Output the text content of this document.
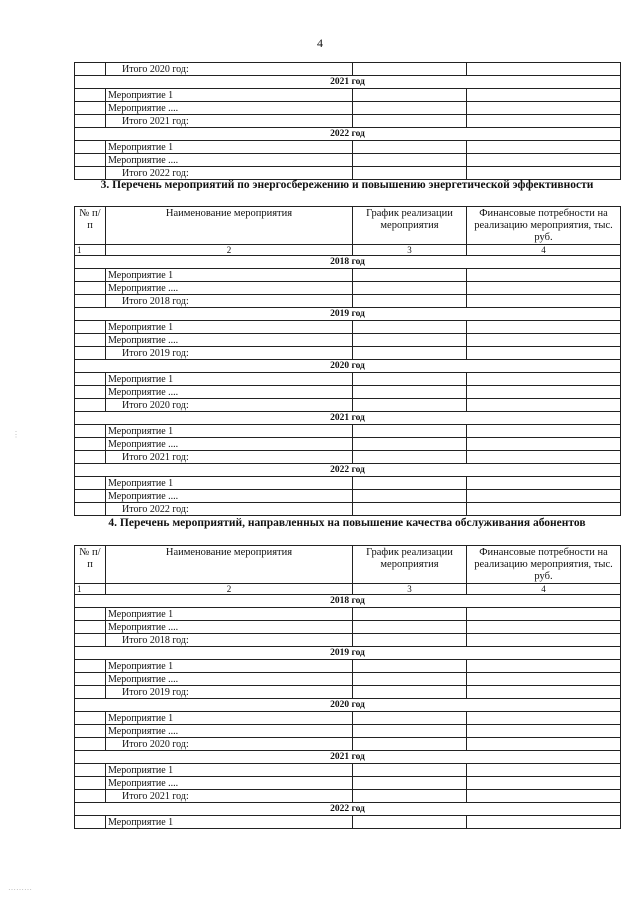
4
	Итого 2020 год:		
2021 год			
	Мероприятие 1		
	Мероприятие ....		
	Итого 2021 год:		
2022 год			
	Мероприятие 1		
	Мероприятие ....		
	Итого 2022 год:		
3. Перечень мероприятий по энергосбережению и повышению энергетической эффективности
№ п/п	Наименование мероприятия	График реализации мероприятия	Финансовые потребности на реализацию мероприятия, тыс. руб.
1	2	3	4
2018 год			
	Мероприятие 1		
	Мероприятие ....		
	Итого 2018 год:		
2019 год			
	Мероприятие 1		
	Мероприятие ....		
	Итого 2019 год:		
2020 год			
	Мероприятие 1		
	Мероприятие ....		
	Итого 2020 год:		
2021 год			
	Мероприятие 1		
	Мероприятие ....		
	Итого 2021 год:		
2022 год			
	Мероприятие 1		
	Мероприятие ....		
	Итого 2022 год:		
4. Перечень мероприятий, направленных на повышение качества обслуживания абонентов
№ п/п	Наименование мероприятия	График реализации мероприятия	Финансовые потребности на реализацию мероприятия, тыс. руб.
1	2	3	4
2018 год			
	Мероприятие 1		
	Мероприятие ....		
	Итого 2018 год:		
2019 год			
	Мероприятие 1		
	Мероприятие ....		
	Итого 2019 год:		
2020 год			
	Мероприятие 1		
	Мероприятие ....		
	Итого 2020 год:		
2021 год			
	Мероприятие 1		
	Мероприятие ....		
	Итого 2021 год:		
2022 год			
	Мероприятие 1		
⋮
⋯⋯⋯
